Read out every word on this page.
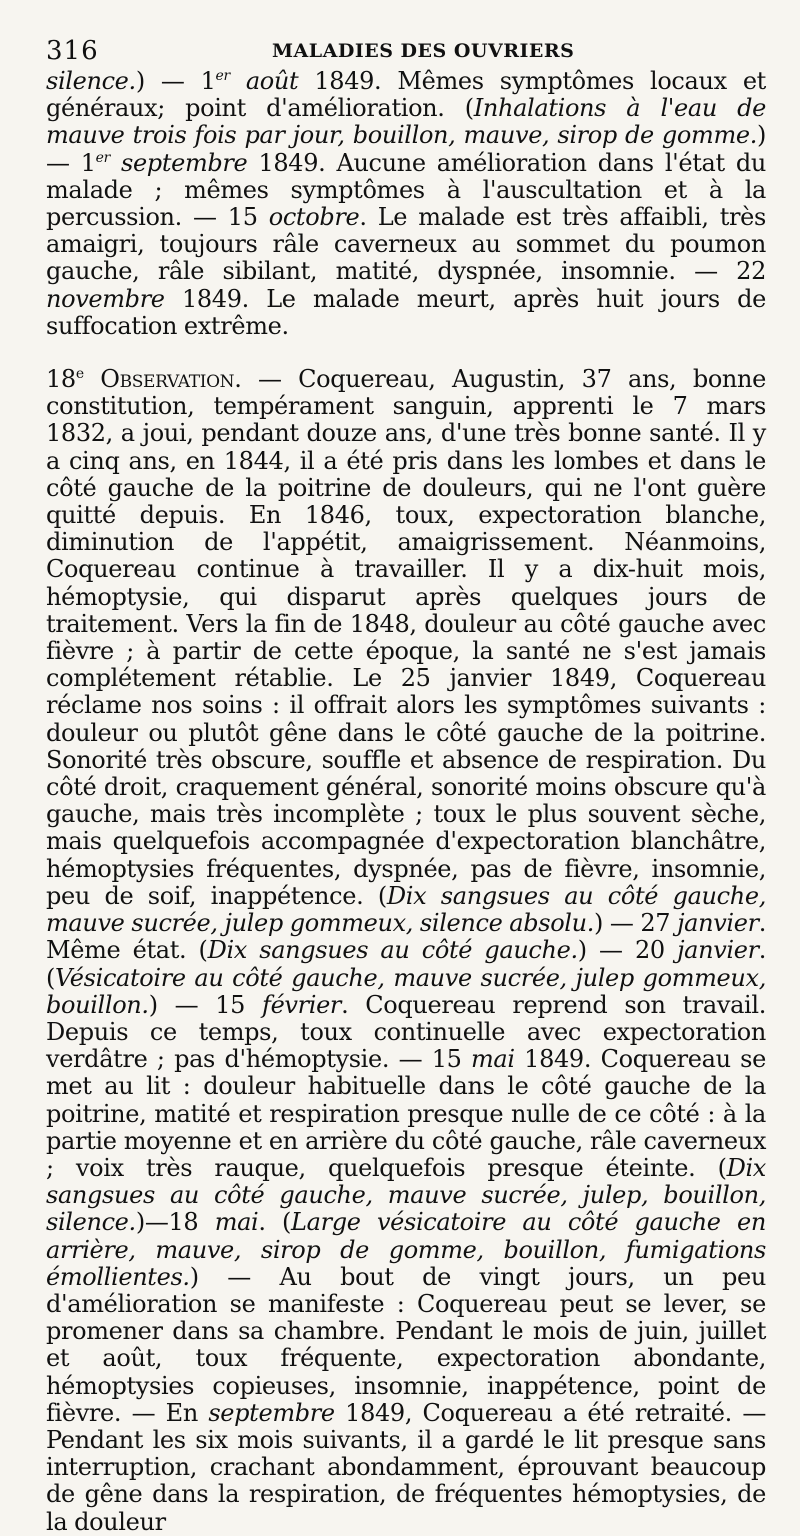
316	MALADIES DES OUVRIERS

silence.) — 1er août 1849. Mêmes symptômes locaux et généraux; point d'amélioration. (Inhalations à l'eau de mauve trois fois par jour, bouillon, mauve, sirop de gomme.) — 1er septembre 1849. Aucune amélioration dans l'état du malade ; mêmes symptômes à l'auscultation et à la percussion. — 15 octobre. Le malade est très affaibli, très amaigri, toujours râle caverneux au sommet du poumon gauche, râle sibilant, matité, dyspnée, insomnie. — 22 novembre 1849. Le malade meurt, après huit jours de suffocation extrême.

18e Observation. — Coquereau, Augustin, 37 ans, bonne constitution, tempérament sanguin, apprenti le 7 mars 1832, a joui, pendant douze ans, d'une très bonne santé. Il y a cinq ans, en 1844, il a été pris dans les lombes et dans le côté gauche de la poitrine de douleurs, qui ne l'ont guère quitté depuis. En 1846, toux, expectoration blanche, diminution de l'appétit, amaigrissement. Néanmoins, Coquereau continue à travailler. Il y a dix-huit mois, hémoptysie, qui disparut après quelques jours de traitement. Vers la fin de 1848, douleur au côté gauche avec fièvre ; à partir de cette époque, la santé ne s'est jamais complétement rétablie. Le 25 janvier 1849, Coquereau réclame nos soins : il offrait alors les symptômes suivants : douleur ou plutôt gêne dans le côté gauche de la poitrine. Sonorité très obscure, souffle et absence de respiration. Du côté droit, craquement général, sonorité moins obscure qu'à gauche, mais très incomplète ; toux le plus souvent sèche, mais quelquefois accompagnée d'expectoration blanchâtre, hémoptysies fréquentes, dyspnée, pas de fièvre, insomnie, peu de soif, inappétence. (Dix sangsues au côté gauche, mauve sucrée, julep gommeux, silence absolu.) — 27 janvier. Même état. (Dix sangsues au côté gauche.) — 20 janvier. (Vésicatoire au côté gauche, mauve sucrée, julep gommeux, bouillon.) — 15 février. Coquereau reprend son travail. Depuis ce temps, toux continuelle avec expectoration verdâtre ; pas d'hémoptysie. — 15 mai 1849. Coquereau se met au lit : douleur habituelle dans le côté gauche de la poitrine, matité et respiration presque nulle de ce côté : à la partie moyenne et en arrière du côté gauche, râle caverneux ; voix très rauque, quelquefois presque éteinte. (Dix sangsues au côté gauche, mauve sucrée, julep, bouillon, silence.)—18 mai. (Large vésicatoire au côté gauche en arrière, mauve, sirop de gomme, bouillon, fumigations émollientes.) — Au bout de vingt jours, un peu d'amélioration se manifeste : Coquereau peut se lever, se promener dans sa chambre. Pendant le mois de juin, juillet et août, toux fréquente, expectoration abondante, hémoptysies copieuses, insomnie, inappétence, point de fièvre. — En septembre 1849, Coquereau a été retraité. — Pendant les six mois suivants, il a gardé le lit presque sans interruption, crachant abondamment, éprouvant beaucoup de gêne dans la respiration, de fréquentes hémoptysies, de la douleur
